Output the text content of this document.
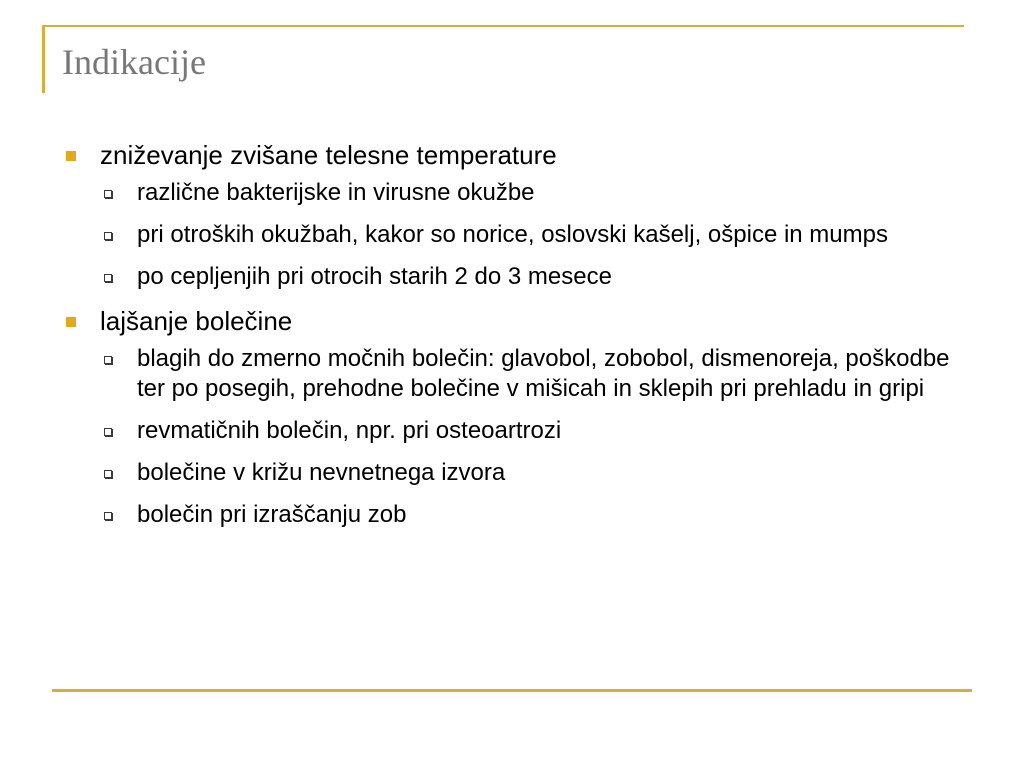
Indikacije
zniževanje zvišane telesne temperature
različne bakterijske in virusne okužbe
pri otroških okužbah, kakor so norice, oslovski kašelj, ošpice in mumps
po cepljenjih pri otrocih starih 2 do 3 mesece
lajšanje bolečine
blagih do zmerno močnih bolečin: glavobol, zobobol, dismenoreja, poškodbe ter po posegih, prehodne bolečine v mišicah in sklepih pri prehladu in gripi
revmatičnih bolečin, npr. pri osteoartrozi
bolečine v križu nevnetnega izvora
bolečin pri izraščanju zob
